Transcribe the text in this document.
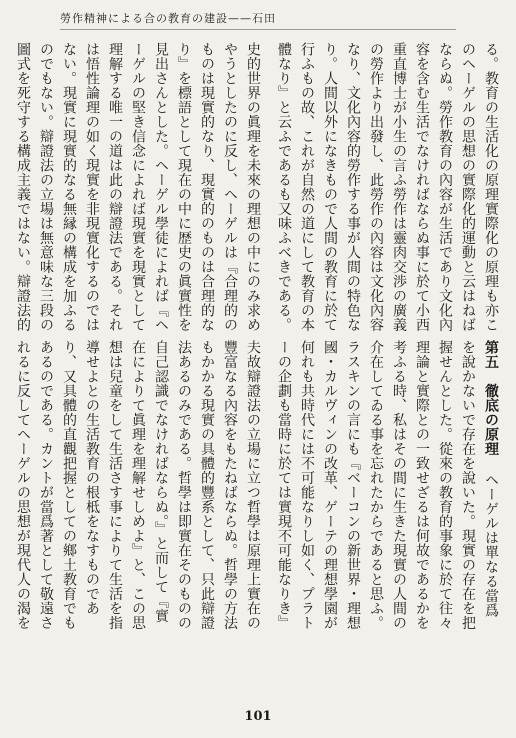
勞作精神による合の教育の建設——石田
史的世界の眞理を未來の理想の中にのみ求めやうとしたのに反し、ヘーゲルは『合理的のものは現實的なり、現實的のものは合理的なり』を標語として現在の中に歴史の眞實性を見出さんとした。ヘーゲル學徒によれば『ヘーゲルの堅き信念によれば現實を現實として理解する唯一の道は此の辯證法である。それは悟性論理の如く現實を非現實化するのではない。現實に現實的なる無縁の構成を加ふるのでもない。辯證法の立場は無意味な三段の圖式を死守する構成主義ではない。辯證法的
夫故辯證法の立場に立つ哲學は原理上實在の豐富なる內容をもたねばならぬ。哲學の方法もかかる現實の具體的豐系として、只此辯證法あるのみである。哲學は即實在そのものの自己認識でなければならぬ。』と而して『實在によりて眞理を理解せしめよ』と、この思想は兒童をして生活さす事によりて生活を指導せよとの生活教育の根柢をなすものであり、又具體的直觀把握としての鄉土教育でもあるのである。カントが當爲著として敬遠されるに反してヘーゲルの思想が現代人の渴を
る。教育の生活化の原理實際化の原理も亦このヘーゲルの思想の實際化的運動と云はねばならぬ。勞作教育の內容が生活であり文化內容を含む生活でなければならぬ事に於て小西重直博士が小生の言ふ勞作は靈肉交渉の廣義の勞作より出發し、此勞作の內容は文化內容なり、文化內容的勞作する事が人間の特色なり。人間以外になきもので人間の教育に於て行ふもの故、これが自然の道にして教育の本體なり』と云ふであるも又味ふべきである。
第五　徹底の原理 ヘーゲルは單なる當爲を說かないで存在を說いた。現實の存在を把握せんとした。從來の教育的事象に於て往々理論と實際との一致せざるは何故であるかを考ふる時、私はその間に生きた現實の人間の介在してゐる事を忘れたからであると思ふ。ラスキンの言にも『ベーコンの新世界・理想國・カルヴィンの改革、ゲーテの理想學園が何れも共時代には不可能なりし如く、プラトーの企劃も當時に於ては實現不可能なりき』
101
